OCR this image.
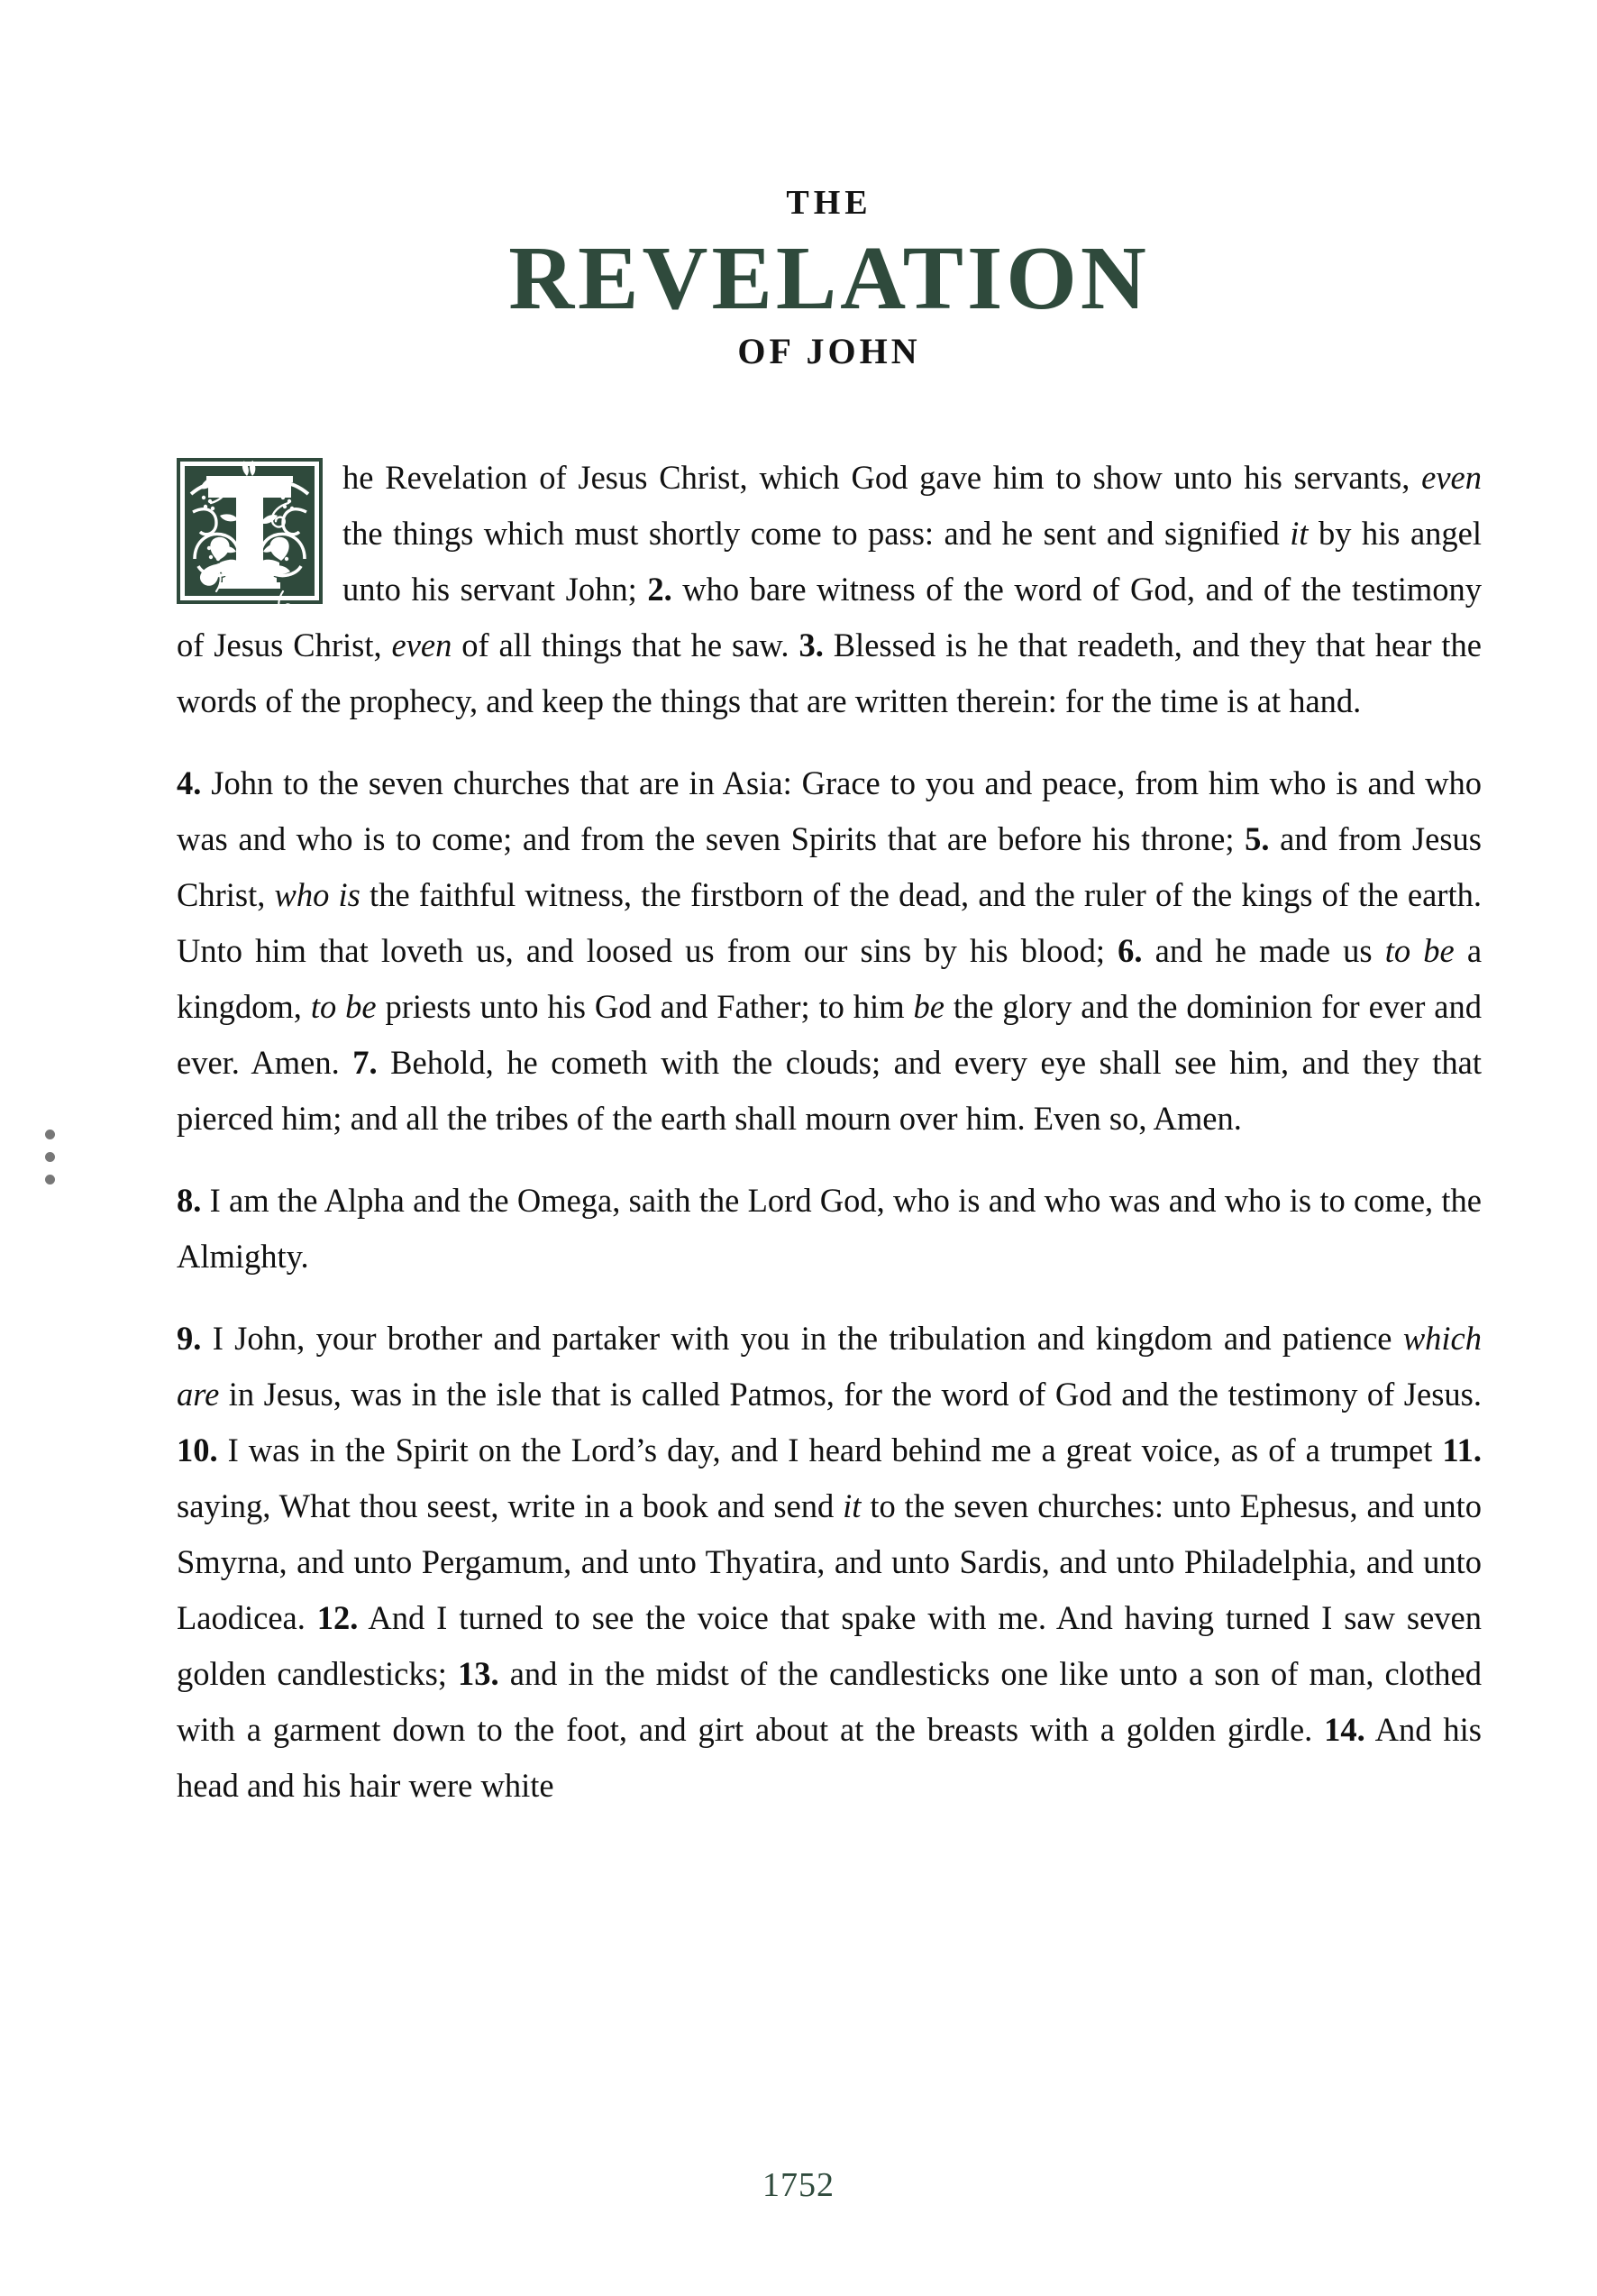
THE
REVELATION
OF JOHN

he Revelation of Jesus Christ, which God gave him to show unto his servants, even the things which must shortly come to pass: and he sent and signified it by his angel unto his servant John; 2. who bare witness of the word of God, and of the testimony of Jesus Christ, even of all things that he saw. 3. Blessed is he that readeth, and they that hear the words of the prophecy, and keep the things that are written therein: for the time is at hand.

4. John to the seven churches that are in Asia: Grace to you and peace, from him who is and who was and who is to come; and from the seven Spirits that are before his throne; 5. and from Jesus Christ, who is the faithful witness, the firstborn of the dead, and the ruler of the kings of the earth. Unto him that loveth us, and loosed us from our sins by his blood; 6. and he made us to be a kingdom, to be priests unto his God and Father; to him be the glory and the dominion for ever and ever. Amen. 7. Behold, he cometh with the clouds; and every eye shall see him, and they that pierced him; and all the tribes of the earth shall mourn over him. Even so, Amen.

8. I am the Alpha and the Omega, saith the Lord God, who is and who was and who is to come, the Almighty.

9. I John, your brother and partaker with you in the tribulation and kingdom and patience which are in Jesus, was in the isle that is called Patmos, for the word of God and the testimony of Jesus. 10. I was in the Spirit on the Lord’s day, and I heard behind me a great voice, as of a trumpet 11. saying, What thou seest, write in a book and send it to the seven churches: unto Ephesus, and unto Smyrna, and unto Pergamum, and unto Thyatira, and unto Sardis, and unto Philadelphia, and unto Laodicea. 12. And I turned to see the voice that spake with me. And having turned I saw seven golden candlesticks; 13. and in the midst of the candlesticks one like unto a son of man, clothed with a garment down to the foot, and girt about at the breasts with a golden girdle. 14. And his head and his hair were white

1752
